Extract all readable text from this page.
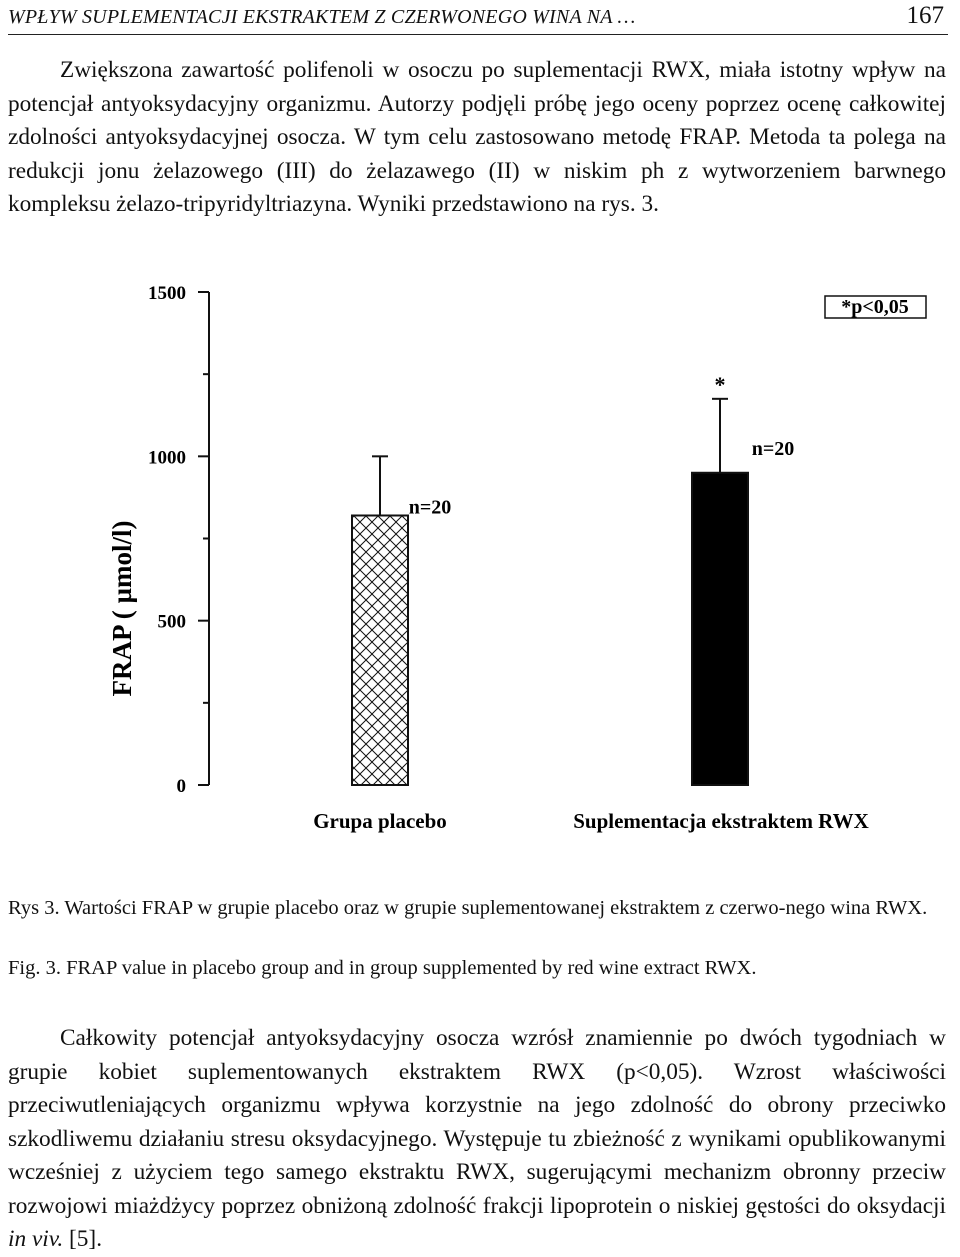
WPŁYW SUPLEMENTACJI EKSTRAKTEM Z CZERWONEGO WINA NA …	167

Zwiększona zawartość polifenoli w osoczu po suplementacji RWX, miała istotny wpływ na potencjał antyoksydacyjny organizmu. Autorzy podjęli próbę jego oceny poprzez ocenę całkowitej zdolności antyoksydacyjnej osocza. W tym celu zastosowano metodę FRAP. Metoda ta polega na redukcji jonu żelazowego (III) do żelazawego (II) w niskim ph z wytworzeniem barwnego kompleksu żelazo-tripyridyltriazyna. Wyniki przedstawiono na rys. 3.

0
500
1000
1500
FRAP ( µmol/l)
n=20
Grupa placebo
n=20
Suplementacja ekstraktem RWX
*
*p<0,05

Rys 3. Wartości FRAP w grupie placebo oraz w grupie suplementowanej ekstraktem z czerwo-nego wina RWX.

Fig. 3. FRAP value in placebo group and in group supplemented by red wine extract RWX.

Całkowity potencjał antyoksydacyjny osocza wzrósł znamiennie po dwóch tygodniach w grupie kobiet suplementowanych ekstraktem RWX (p<0,05). Wzrost właściwości przeciwutleniających organizmu wpływa korzystnie na jego zdolność do obrony przeciwko szkodliwemu działaniu stresu oksydacyjnego. Występuje tu zbieżność z wynikami opublikowanymi wcześniej z użyciem tego samego ekstraktu RWX, sugerującymi mechanizm obronny przeciw rozwojowi miażdżycy poprzez obniżoną zdolność frakcji lipoprotein o niskiej gęstości do oksydacji in viv. [5].
